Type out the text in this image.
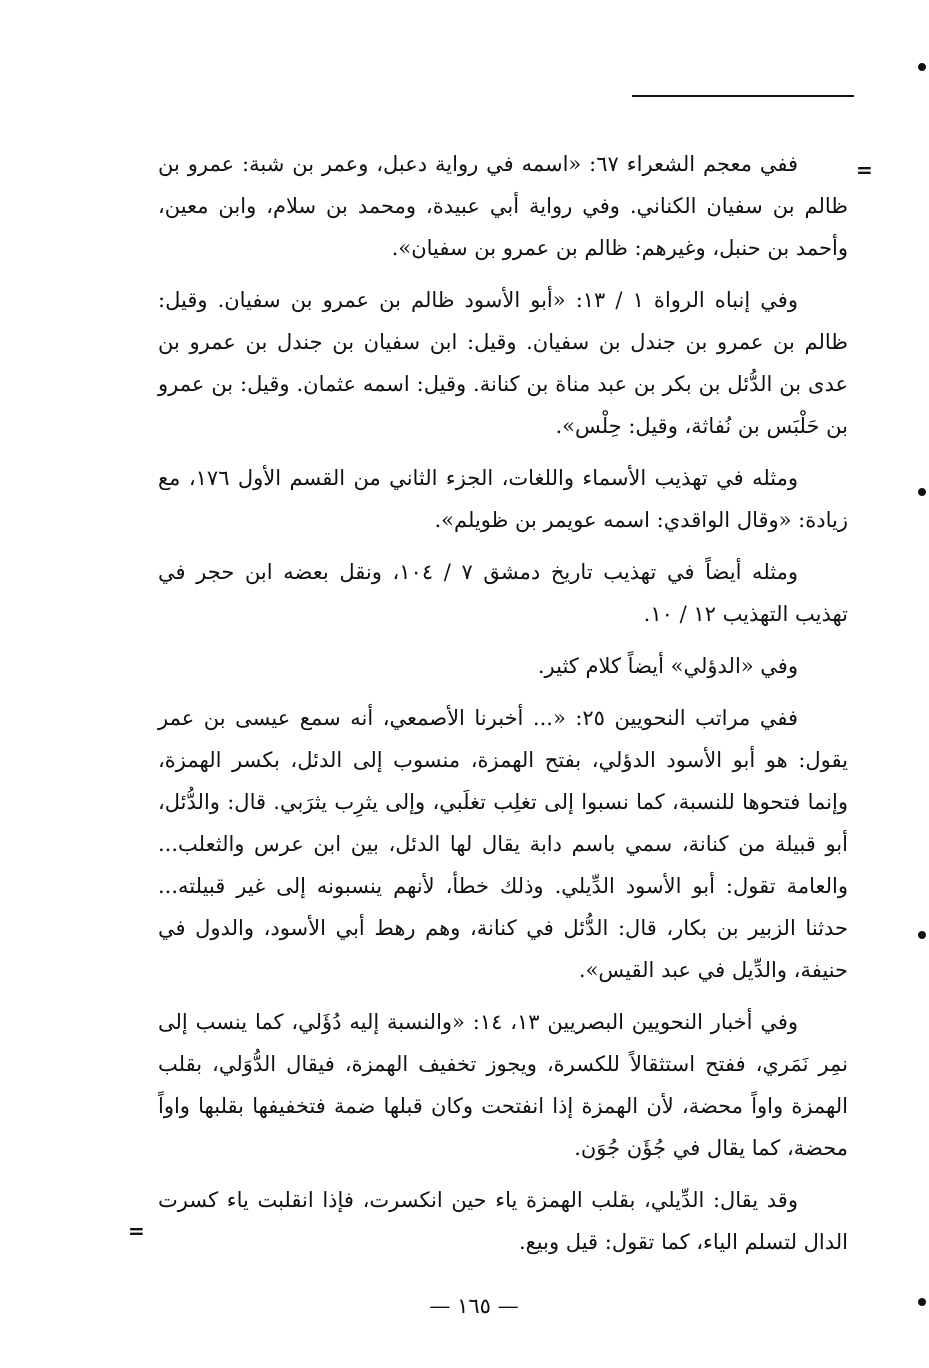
=
=

ففي معجم الشعراء ٦٧: «اسمه في رواية دعبل، وعمر بن شبة: عمرو بن ظالم بن سفيان الكناني. وفي رواية أبي عبيدة، ومحمد بن سلام، وابن معين، وأحمد بن حنبل، وغيرهم: ظالم بن عمرو بن سفيان».

وفي إنباه الرواة ١ / ١٣: «أبو الأسود ظالم بن عمرو بن سفيان. وقيل: ظالم بن عمرو بن جندل بن سفيان. وقيل: ابن سفيان بن جندل بن عمرو بن عدى بن الدُّئل بن بكر بن عبد مناة بن كنانة. وقيل: اسمه عثمان. وقيل: بن عمرو بن حَلْبَس بن نُفاثة، وقيل: حِلْس».

ومثله في تهذيب الأسماء واللغات، الجزء الثاني من القسم الأول ١٧٦، مع زيادة: «وقال الواقدي: اسمه عويمر بن ظويلم».

ومثله أيضاً في تهذيب تاريخ دمشق ٧ / ١٠٤، ونقل بعضه ابن حجر في تهذيب التهذيب ١٢ / ١٠.

وفي «الدؤلي» أيضاً كلام كثير.

ففي مراتب النحويين ٢٥: «... أخبرنا الأصمعي، أنه سمع عيسى بن عمر يقول: هو أبو الأسود الدؤلي، بفتح الهمزة، منسوب إلى الدئل، بكسر الهمزة، وإنما فتحوها للنسبة، كما نسبوا إلى تغلِب تغلَبي، وإلى يثرِب يثرَبي. قال: والدُّئل، أبو قبيلة من كنانة، سمي باسم دابة يقال لها الدئل، بين ابن عرس والثعلب... والعامة تقول: أبو الأسود الدِّيلي. وذلك خطأ، لأنهم ينسبونه إلى غير قبيلته... حدثنا الزبير بن بكار، قال: الدُّئل في كنانة، وهم رهط أبي الأسود، والدول في حنيفة، والدِّيل في عبد القيس».

وفي أخبار النحويين البصريين ١٣، ١٤: «والنسبة إليه دُؤَلي، كما ينسب إلى نمِر نَمَري، ففتح استثقالاً للكسرة، ويجوز تخفيف الهمزة، فيقال الدُّوَلي، بقلب الهمزة واواً محضة، لأن الهمزة إذا انفتحت وكان قبلها ضمة فتخفيفها بقلبها واواً محضة، كما يقال في جُؤَن جُوَن.

وقد يقال: الدِّيلي، بقلب الهمزة ياء حين انكسرت، فإذا انقلبت ياء كسرت الدال لتسلم الياء، كما تقول: قيل وبيع.

— ١٦٥ —
